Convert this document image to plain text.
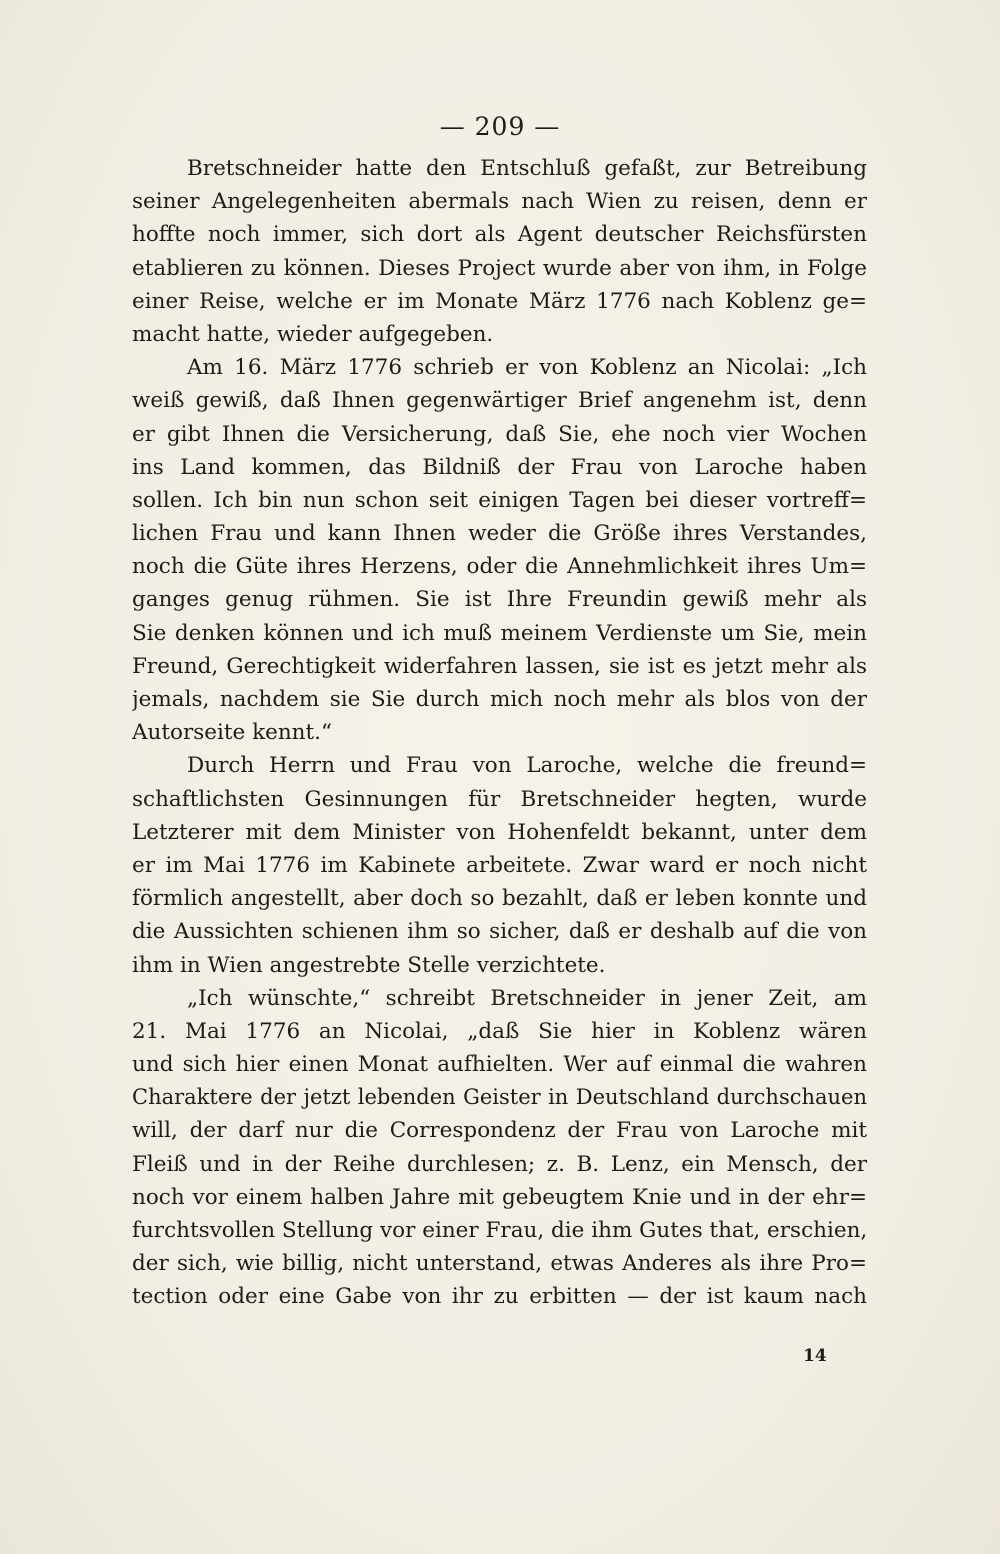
— 209 —
Bretschneider hatte den Entschluß gefaßt, zur Betreibung
seiner Angelegenheiten abermals nach Wien zu reisen, denn er
hoffte noch immer, sich dort als Agent deutscher Reichsfürsten
etablieren zu können. Dieses Project wurde aber von ihm, in Folge
einer Reise, welche er im Monate März 1776 nach Koblenz ge=
macht hatte, wieder aufgegeben.
Am 16. März 1776 schrieb er von Koblenz an Nicolai: „Ich
weiß gewiß, daß Ihnen gegenwärtiger Brief angenehm ist, denn
er gibt Ihnen die Versicherung, daß Sie, ehe noch vier Wochen
ins Land kommen, das Bildniß der Frau von Laroche haben
sollen. Ich bin nun schon seit einigen Tagen bei dieser vortreff=
lichen Frau und kann Ihnen weder die Größe ihres Verstandes,
noch die Güte ihres Herzens, oder die Annehmlichkeit ihres Um=
ganges genug rühmen. Sie ist Ihre Freundin gewiß mehr als
Sie denken können und ich muß meinem Verdienste um Sie, mein
Freund, Gerechtigkeit widerfahren lassen, sie ist es jetzt mehr als
jemals, nachdem sie Sie durch mich noch mehr als blos von der
Autorseite kennt.“
Durch Herrn und Frau von Laroche, welche die freund=
schaftlichsten Gesinnungen für Bretschneider hegten, wurde
Letzterer mit dem Minister von Hohenfeldt bekannt, unter dem
er im Mai 1776 im Kabinete arbeitete. Zwar ward er noch nicht
förmlich angestellt, aber doch so bezahlt, daß er leben konnte und
die Aussichten schienen ihm so sicher, daß er deshalb auf die von
ihm in Wien angestrebte Stelle verzichtete.
„Ich wünschte,“ schreibt Bretschneider in jener Zeit, am
21. Mai 1776 an Nicolai, „daß Sie hier in Koblenz wären
und sich hier einen Monat aufhielten. Wer auf einmal die wahren
Charaktere der jetzt lebenden Geister in Deutschland durchschauen
will, der darf nur die Correspondenz der Frau von Laroche mit
Fleiß und in der Reihe durchlesen; z. B. Lenz, ein Mensch, der
noch vor einem halben Jahre mit gebeugtem Knie und in der ehr=
furchtsvollen Stellung vor einer Frau, die ihm Gutes that, erschien,
der sich, wie billig, nicht unterstand, etwas Anderes als ihre Pro=
tection oder eine Gabe von ihr zu erbitten — der ist kaum nach
14
